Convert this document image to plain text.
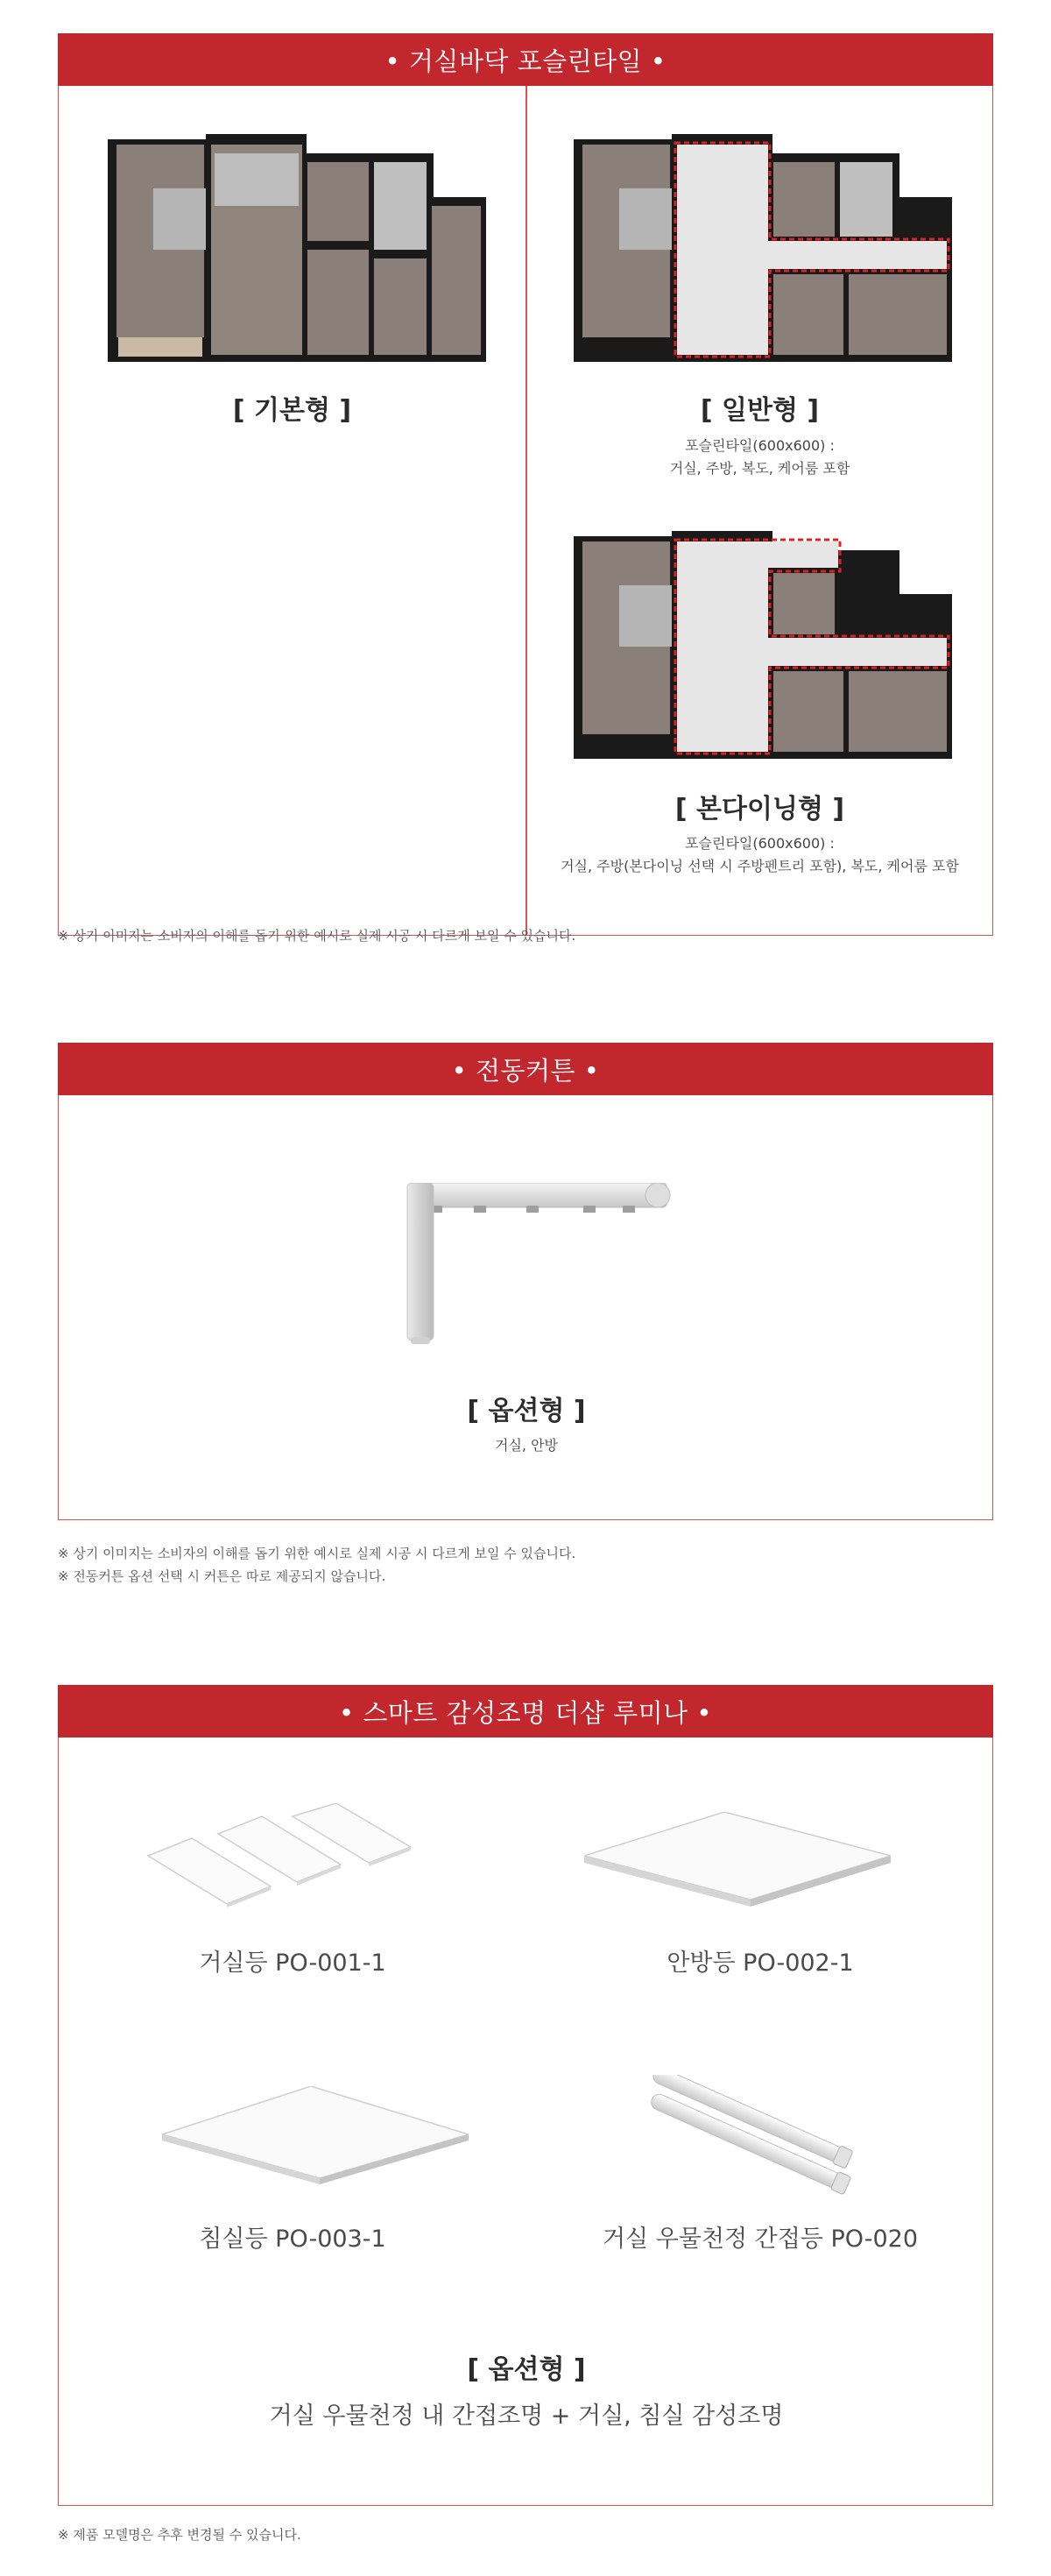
• 거실바닥 포슬린타일 •
[ 기본형 ]	[ 일반형 ]
포슬린타일(600x600) :
거실, 주방, 복도, 케어룸 포함
[ 본다이닝형 ]
포슬린타일(600x600) :
거실, 주방(본다이닝 선택 시 주방펜트리 포함), 복도, 케어룸 포함
※ 상기 이미지는 소비자의 이해를 돕기 위한 예시로 실제 시공 시 다르게 보일 수 있습니다.
• 전동커튼 •
[ 옵션형 ]
거실, 안방
※ 상기 이미지는 소비자의 이해를 돕기 위한 예시로 실제 시공 시 다르게 보일 수 있습니다.
※ 전동커튼 옵션 선택 시 커튼은 따로 제공되지 않습니다.
• 스마트 감성조명 더샵 루미나 •
거실등 PO-001-1	안방등 PO-002-1
침실등 PO-003-1	거실 우물천정 간접등 PO-020
[ 옵션형 ]
거실 우물천정 내 간접조명 + 거실, 침실 감성조명
※ 제품 모델명은 추후 변경될 수 있습니다.
